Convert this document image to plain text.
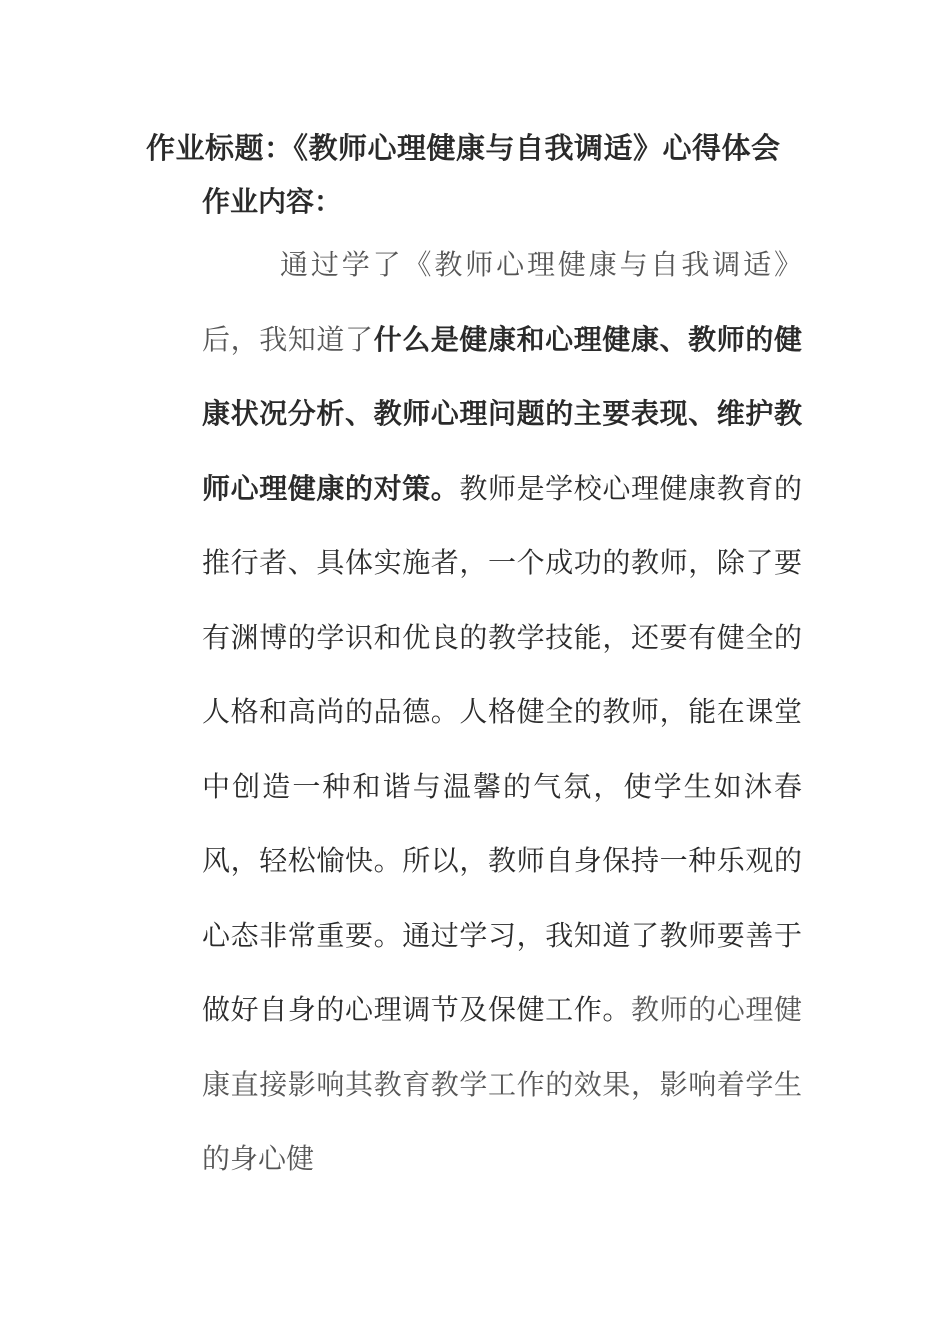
作业标题：《教师心理健康与自我调适》心得体会
作业内容：

通过学了《教师心理健康与自我调适》后，我知道了什么是健康和心理健康、教师的健康状况分析、教师心理问题的主要表现、维护教师心理健康的对策。教师是学校心理健康教育的推行者、具体实施者，一个成功的教师，除了要有渊博的学识和优良的教学技能，还要有健全的人格和高尚的品德。人格健全的教师，能在课堂中创造一种和谐与温馨的气氛，使学生如沐春风，轻松愉快。所以，教师自身保持一种乐观的心态非常重要。通过学习，我知道了教师要善于做好自身的心理调节及保健工作。教师的心理健康直接影响其教育教学工作的效果，影响着学生的身心健
